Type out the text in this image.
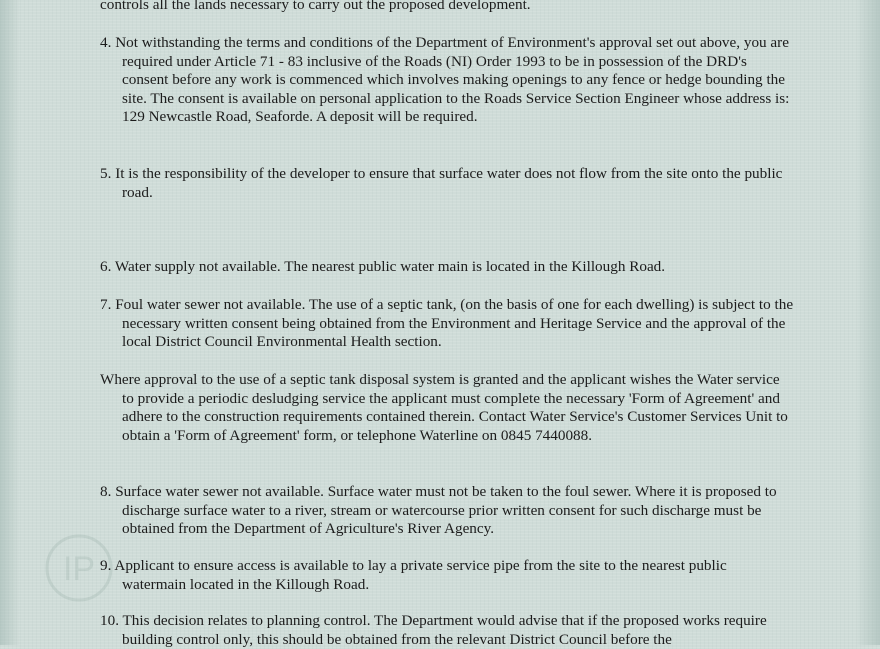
IP

controls all the lands necessary to carry out the proposed development.

4. Not withstanding the terms and conditions of the Department of Environment's approval set out above, you are required under Article 71 - 83 inclusive of the Roads (NI) Order 1993 to be in possession of the DRD's consent before any work is commenced which involves making openings to any fence or hedge bounding the site. The consent is available on personal application to the Roads Service Section Engineer whose address is: 129 Newcastle Road, Seaforde. A deposit will be required.

5. It is the responsibility of the developer to ensure that surface water does not flow from the site onto the public road.

6. Water supply not available. The nearest public water main is located in the Killough Road.

7. Foul water sewer not available. The use of a septic tank, (on the basis of one for each dwelling) is subject to the necessary written consent being obtained from the Environment and Heritage Service and the approval of the local District Council Environmental Health section.

Where approval to the use of a septic tank disposal system is granted and the applicant wishes the Water service to provide a periodic desludging service the applicant must complete the necessary 'Form of Agreement' and adhere to the construction requirements contained therein. Contact Water Service's Customer Services Unit to obtain a 'Form of Agreement' form, or telephone Waterline on 0845 7440088.

8. Surface water sewer not available. Surface water must not be taken to the foul sewer. Where it is proposed to discharge surface water to a river, stream or watercourse prior written consent for such discharge must be obtained from the Department of Agriculture's River Agency.

9. Applicant to ensure access is available to lay a private service pipe from the site to the nearest public watermain located in the Killough Road.

10. This decision relates to planning control. The Department would advise that if the proposed works require building control only, this should be obtained from the relevant District Council before the
